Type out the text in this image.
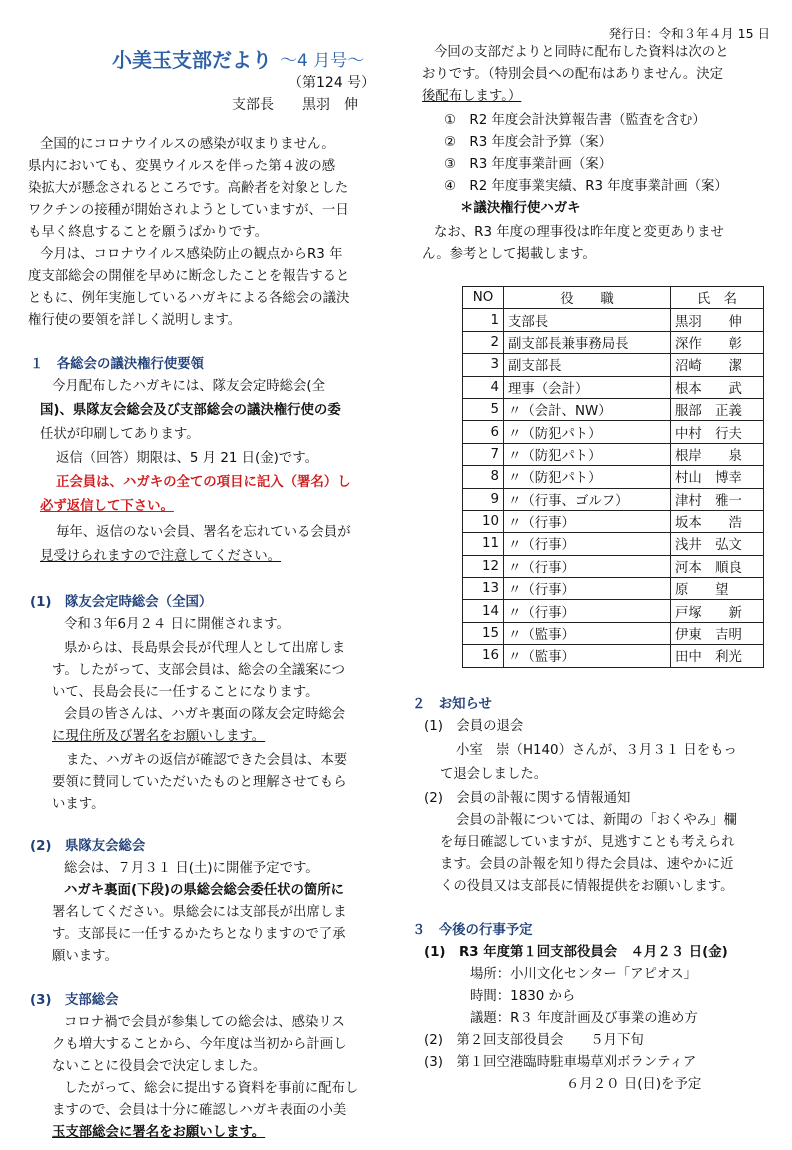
発行日：令和３年４月 15 日
小美玉支部だより ～4 月号～
（第124 号）
支部長　　黒羽　伸
全国的にコロナウイルスの感染が収まりません。
県内においても、変異ウイルスを伴った第４波の感
染拡大が懸念されるところです。高齢者を対象とした
ワクチンの接種が開始されようとしていますが、一日
も早く終息することを願うばかりです。
今月は、コロナウイルス感染防止の観点からR3 年
度支部総会の開催を早めに断念したことを報告すると
ともに、例年実施しているハガキによる各総会の議決
権行使の要領を詳しく説明します。
１　各総会の議決権行使要領
今月配布したハガキには、隊友会定時総会(全
国)、県隊友会総会及び支部総会の議決権行使の委
任状が印刷してあります。
返信（回答）期限は、5 月 21 日(金)です。
正会員は、ハガキの全ての項目に記入（署名）し
必ず返信して下さい。
毎年、返信のない会員、署名を忘れている会員が
見受けられますので注意してください。
(1)　隊友会定時総会（全国）
令和３年6月２４ 日に開催されます。
県からは、長島県会長が代理人として出席しま
す。したがって、支部会員は、総会の全議案につ
いて、長島会長に一任することになります。
会員の皆さんは、ハガキ裏面の隊友会定時総会
に現住所及び署名をお願いします。
また、ハガキの返信が確認できた会員は、本要
要領に賛同していただいたものと理解させてもら
います。
(2)　県隊友会総会
総会は、７月３１ 日(土)に開催予定です。
ハガキ裏面(下段)の県総会総会委任状の箇所に
署名してください。県総会には支部長が出席しま
す。支部長に一任するかたちとなりますので了承
願います。
(3)　支部総会
コロナ禍で会員が参集しての総会は、感染リス
クも増大することから、今年度は当初から計画し
ないことに役員会で決定しました。
したがって、総会に提出する資料を事前に配布し
ますので、会員は十分に確認しハガキ表面の小美
玉支部総会に署名をお願いします。
今回の支部だよりと同時に配布した資料は次のと
おりです。（特別会員への配布はありません。決定
後配布します。）
①　R2 年度会計決算報告書（監査を含む）
②　R3 年度会計予算（案）
③　R3 年度事業計画（案）
④　R2 年度事業実績、R3 年度事業計画（案）
＊議決権行使ハガキ
なお、R3 年度の理事役は昨年度と変更ありませ
ん。参考として掲載します。
NO	役　　職	氏　名
1	支部長	黒羽　　伸
2	副支部長兼事務局長	深作　　彰
3	副支部長	沼崎　　潔
4	理事（会計）	根本　　武
5	〃（会計、NW）	服部　正義
6	〃（防犯パト）	中村　行夫
7	〃（防犯パト）	根岸　　泉
8	〃（防犯パト）	村山　博幸
9	〃（行事、ゴルフ）	津村　雅一
10	〃（行事）	坂本　　浩
11	〃（行事）	浅井　弘文
12	〃（行事）	河本　順良
13	〃（行事）	原　　望
14	〃（行事）	戸塚　　新
15	〃（監事）	伊東　吉明
16	〃（監事）	田中　利光
２　お知らせ
(1)　会員の退会
小室　崇（H140）さんが、３月３１ 日をもっ
て退会しました。
(2)　会員の訃報に関する情報通知
会員の訃報については、新聞の「おくやみ」欄
を毎日確認していますが、見逃すことも考えられ
ます。会員の訃報を知り得た会員は、速やかに近
くの役員又は支部長に情報提供をお願いします。
３　今後の行事予定
(1)　R3 年度第１回支部役員会　４月２３ 日(金)
場所：小川文化センター「アピオス」
時間：1830 から
議題：R３ 年度計画及び事業の進め方
(2)　第２回支部役員会　　５月下旬
(3)　第１回空港臨時駐車場草刈ボランティア
６月２０ 日(日)を予定
